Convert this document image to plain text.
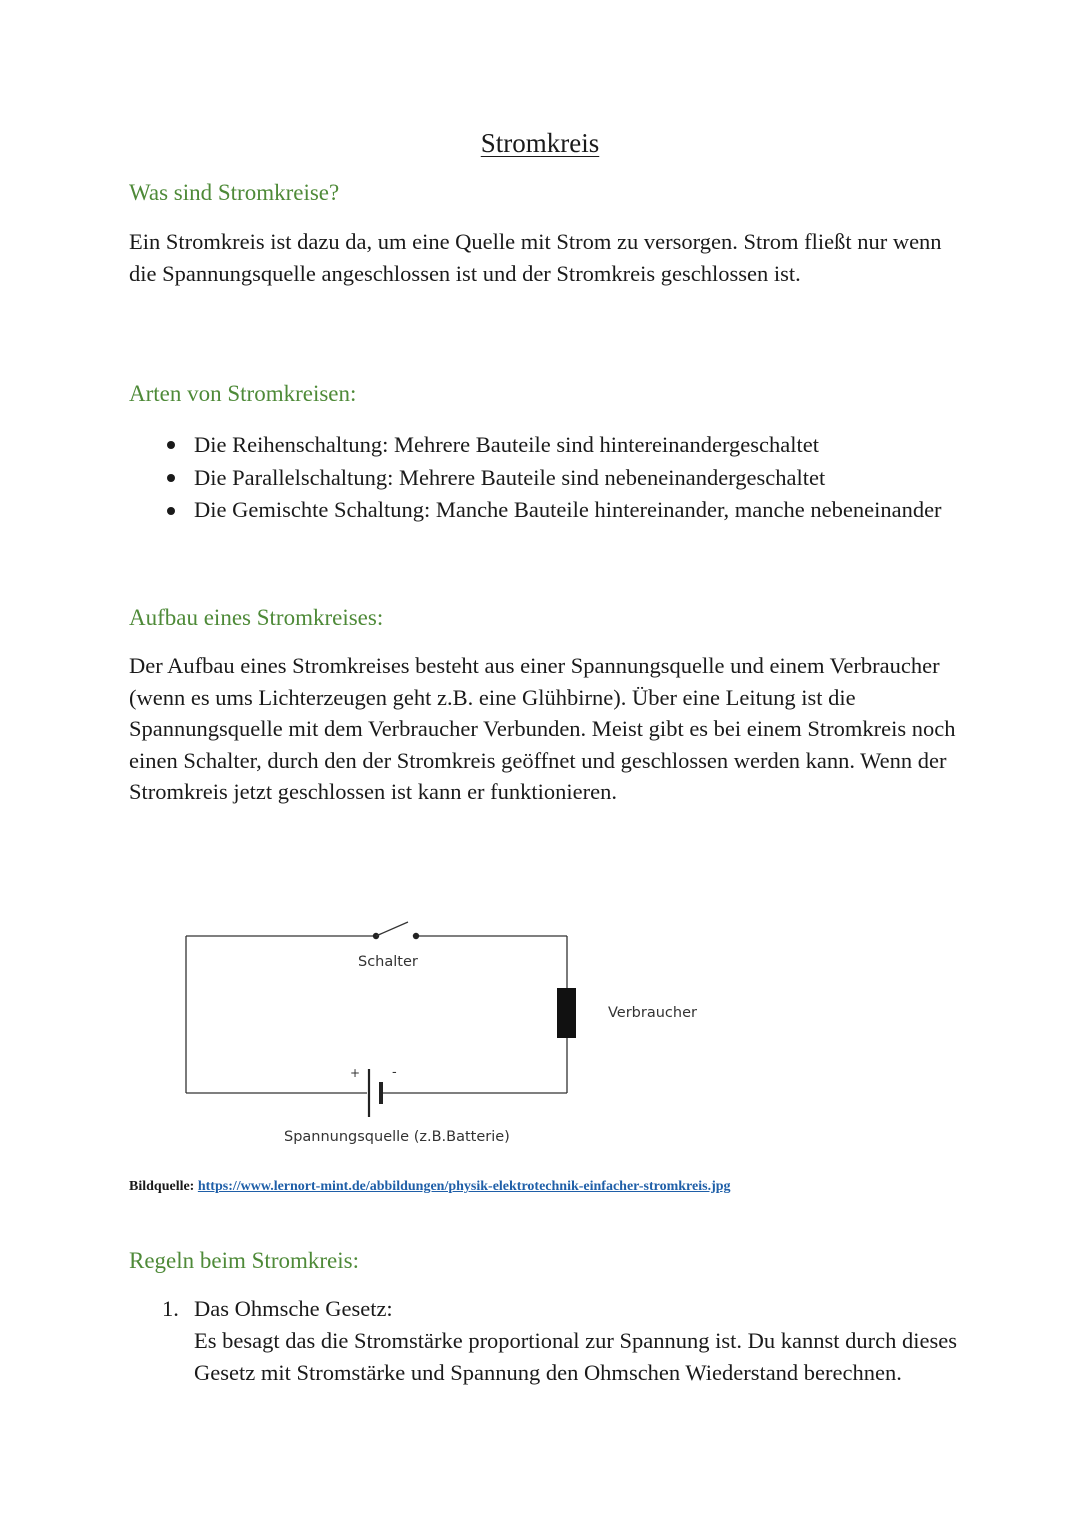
Stromkreis
Was sind Stromkreise?
Ein Stromkreis ist dazu da, um eine Quelle mit Strom zu versorgen. Strom fließt nur wenn die Spannungsquelle angeschlossen ist und der Stromkreis geschlossen ist.
Arten von Stromkreisen:
Die Reihenschaltung: Mehrere Bauteile sind hintereinandergeschaltet
Die Parallelschaltung: Mehrere Bauteile sind nebeneinandergeschaltet
Die Gemischte Schaltung: Manche Bauteile hintereinander, manche nebeneinander
Aufbau eines Stromkreises:
Der Aufbau eines Stromkreises besteht aus einer Spannungsquelle und einem Verbraucher (wenn es ums Lichterzeugen geht z.B. eine Glühbirne). Über eine Leitung ist die Spannungsquelle mit dem Verbraucher Verbunden. Meist gibt es bei einem Stromkreis noch einen Schalter, durch den der Stromkreis geöffnet und geschlossen werden kann. Wenn der Stromkreis jetzt geschlossen ist kann er funktionieren.
Schalter
Verbraucher
+ -
Spannungsquelle (z.B.Batterie)
Bildquelle: https://www.lernort-mint.de/abbildungen/physik-elektrotechnik-einfacher-stromkreis.jpg
Regeln beim Stromkreis:
1. Das Ohmsche Gesetz:
Es besagt das die Stromstärke proportional zur Spannung ist. Du kannst durch dieses Gesetz mit Stromstärke und Spannung den Ohmschen Wiederstand berechnen.
